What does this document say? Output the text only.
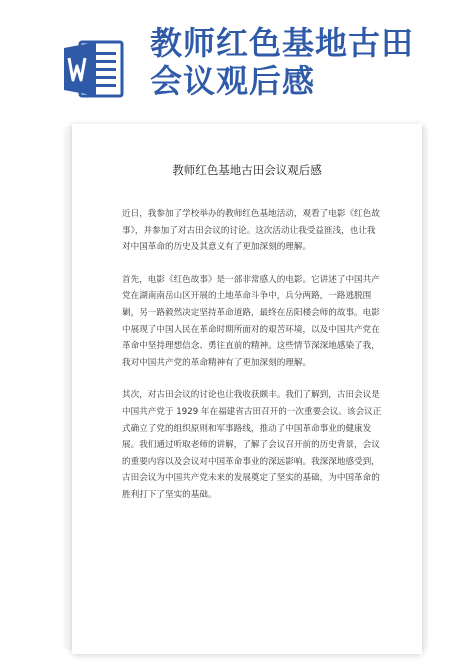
教师红色基地古田
会议观后感
教师红色基地古田会议观后感

近日，我参加了学校举办的教师红色基地活动，观看了电影《红色故事》，并参加了对古田会议的讨论。这次活动让我受益匪浅，也让我对中国革命的历史及其意义有了更加深刻的理解。

首先，电影《红色故事》是一部非常感人的电影。它讲述了中国共产党在湖南南岳山区开展的土地革命斗争中，兵分两路，一路逃脱围剿，另一路毅然决定坚持革命道路，最终在岳阳楼会师的故事。电影中展现了中国人民在革命时期所面对的艰苦环境，以及中国共产党在革命中坚持理想信念、勇往直前的精神。这些情节深深地感染了我，我对中国共产党的革命精神有了更加深刻的理解。

其次，对古田会议的讨论也让我收获颇丰。我们了解到，古田会议是中国共产党于 1929 年在福建省古田召开的一次重要会议。该会议正式确立了党的组织原则和军事路线，推动了中国革命事业的健康发展。我们通过听取老师的讲解，了解了会议召开前的历史背景，会议的重要内容以及会议对中国革命事业的深远影响。我深深地感受到，古田会议为中国共产党未来的发展奠定了坚实的基础，为中国革命的胜利打下了坚实的基础。
